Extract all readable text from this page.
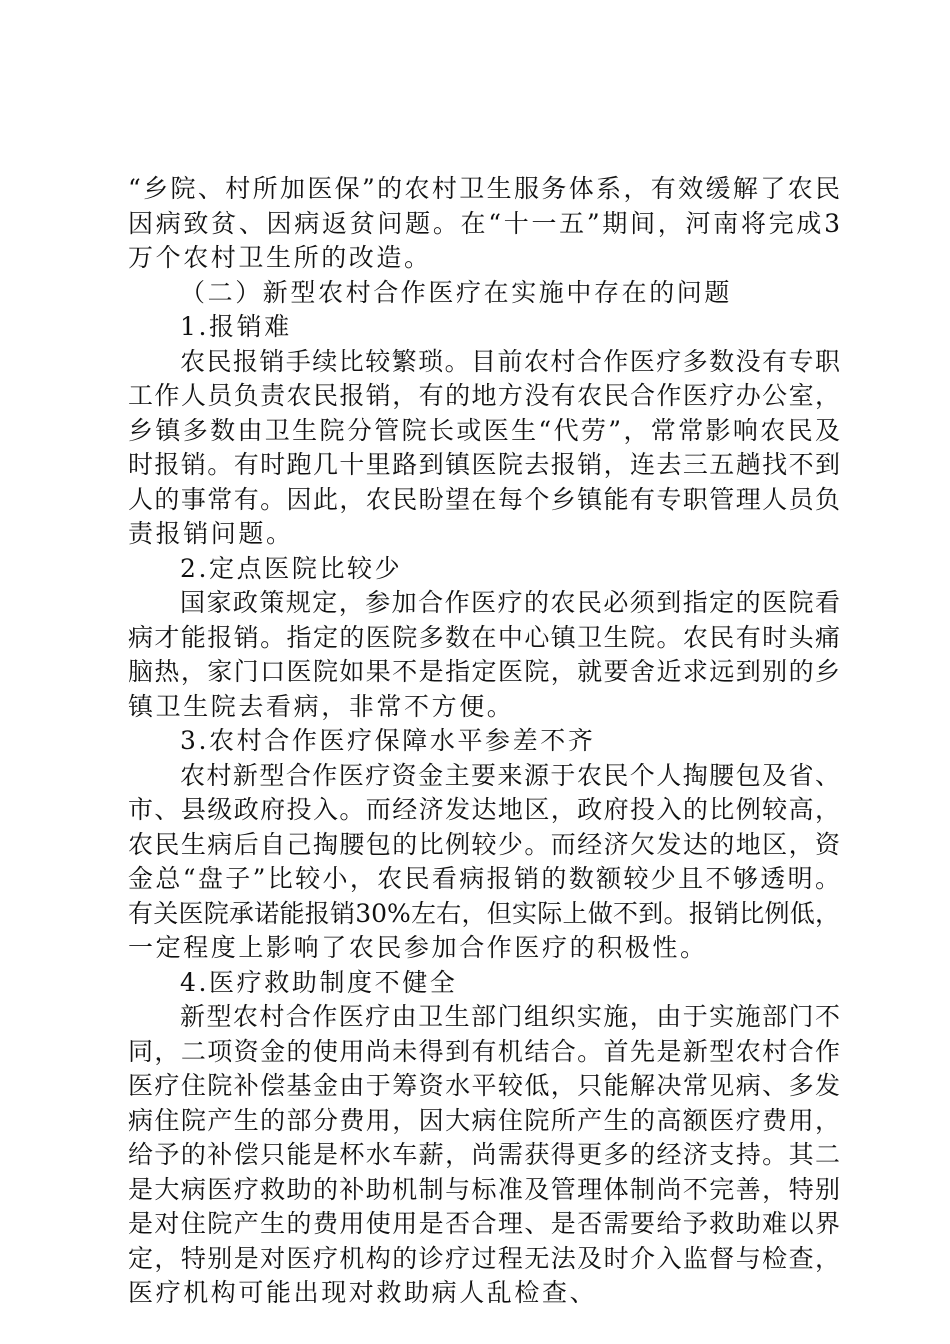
“乡院、村所加医保”的农村卫生服务体系，有效缓解了农民
因病致贫、因病返贫问题。在“十一五”期间，河南将完成3
万个农村卫生所的改造。
（二）新型农村合作医疗在实施中存在的问题
1.报销难
农民报销手续比较繁琐。目前农村合作医疗多数没有专职
工作人员负责农民报销，有的地方没有农民合作医疗办公室，
乡镇多数由卫生院分管院长或医生“代劳”，常常影响农民及
时报销。有时跑几十里路到镇医院去报销，连去三五趟找不到
人的事常有。因此，农民盼望在每个乡镇能有专职管理人员负
责报销问题。
2.定点医院比较少
国家政策规定，参加合作医疗的农民必须到指定的医院看
病才能报销。指定的医院多数在中心镇卫生院。农民有时头痛
脑热，家门口医院如果不是指定医院，就要舍近求远到别的乡
镇卫生院去看病，非常不方便。
3.农村合作医疗保障水平参差不齐
农村新型合作医疗资金主要来源于农民个人掏腰包及省、
市、县级政府投入。而经济发达地区，政府投入的比例较高，
农民生病后自己掏腰包的比例较少。而经济欠发达的地区，资
金总“盘子”比较小，农民看病报销的数额较少且不够透明。
有关医院承诺能报销30%左右，但实际上做不到。报销比例低，
一定程度上影响了农民参加合作医疗的积极性。
4.医疗救助制度不健全
新型农村合作医疗由卫生部门组织实施，由于实施部门不
同，二项资金的使用尚未得到有机结合。首先是新型农村合作
医疗住院补偿基金由于筹资水平较低，只能解决常见病、多发
病住院产生的部分费用，因大病住院所产生的高额医疗费用，
给予的补偿只能是杯水车薪，尚需获得更多的经济支持。其二
是大病医疗救助的补助机制与标准及管理体制尚不完善，特别
是对住院产生的费用使用是否合理、是否需要给予救助难以界
定，特别是对医疗机构的诊疗过程无法及时介入监督与检查，
医疗机构可能出现对救助病人乱检查、
